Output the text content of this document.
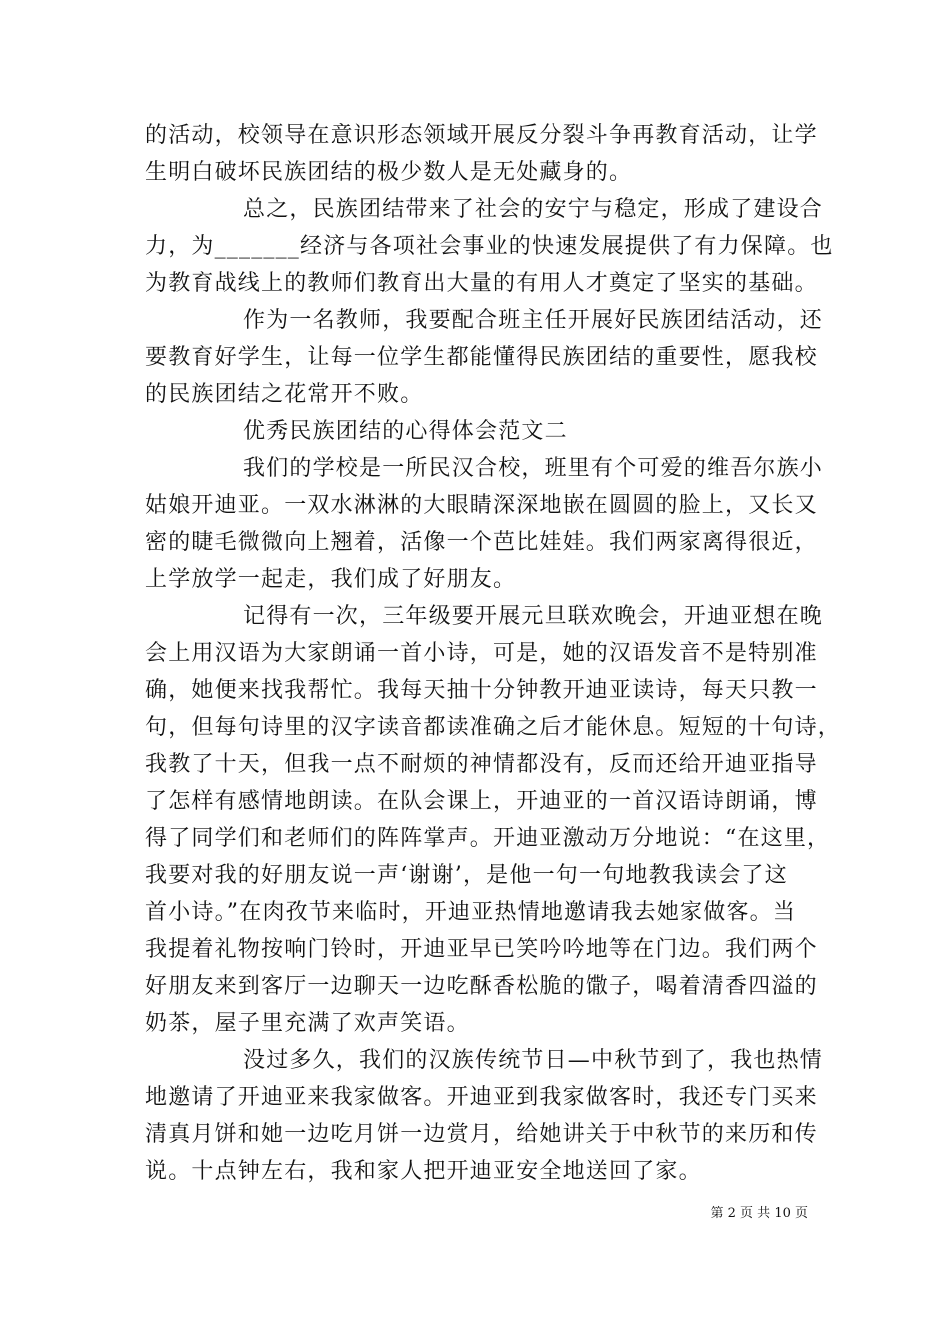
的活动，校领导在意识形态领域开展反分裂斗争再教育活动，让学
生明白破坏民族团结的极少数人是无处藏身的。
总之，民族团结带来了社会的安宁与稳定，形成了建设合
力，为_______经济与各项社会事业的快速发展提供了有力保障。也
为教育战线上的教师们教育出大量的有用人才奠定了坚实的基础。
作为一名教师，我要配合班主任开展好民族团结活动，还
要教育好学生，让每一位学生都能懂得民族团结的重要性，愿我校
的民族团结之花常开不败。
优秀民族团结的心得体会范文二
我们的学校是一所民汉合校，班里有个可爱的维吾尔族小
姑娘开迪亚。一双水淋淋的大眼睛深深地嵌在圆圆的脸上，又长又
密的睫毛微微向上翘着，活像一个芭比娃娃。我们两家离得很近，
上学放学一起走，我们成了好朋友。
记得有一次，三年级要开展元旦联欢晚会，开迪亚想在晚
会上用汉语为大家朗诵一首小诗，可是，她的汉语发音不是特别准
确，她便来找我帮忙。我每天抽十分钟教开迪亚读诗，每天只教一
句，但每句诗里的汉字读音都读准确之后才能休息。短短的十句诗，
我教了十天，但我一点不耐烦的神情都没有，反而还给开迪亚指导
了怎样有感情地朗读。在队会课上，开迪亚的一首汉语诗朗诵，博
得了同学们和老师们的阵阵掌声。开迪亚激动万分地说：“在这里，
我要对我的好朋友说一声‘谢谢’，是他一句一句地教我读会了这
首小诗。”在肉孜节来临时，开迪亚热情地邀请我去她家做客。当
我提着礼物按响门铃时，开迪亚早已笑吟吟地等在门边。我们两个
好朋友来到客厅一边聊天一边吃酥香松脆的馓子，喝着清香四溢的
奶茶，屋子里充满了欢声笑语。
没过多久，我们的汉族传统节日—中秋节到了，我也热情
地邀请了开迪亚来我家做客。开迪亚到我家做客时，我还专门买来
清真月饼和她一边吃月饼一边赏月，给她讲关于中秋节的来历和传
说。十点钟左右，我和家人把开迪亚安全地送回了家。
第 2 页 共 10 页
